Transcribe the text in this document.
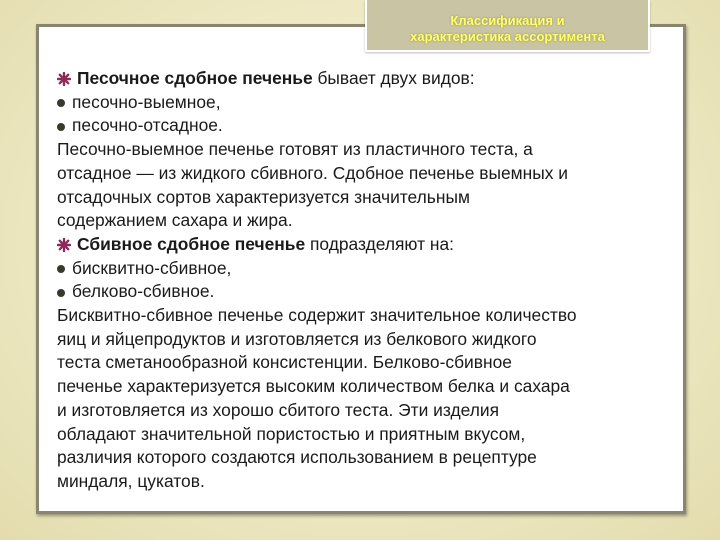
Классификация и
характеристика ассортимента
Песочное сдобное печенье бывает двух видов:
песочно-выемное,
песочно-отсадное.
Песочно-выемное печенье готовят из пластичного теста, а
отсадное — из жидкого сбивного. Сдобное печенье выемных и
отсадочных сортов характеризуется значительным
содержанием сахара и жира.
Сбивное сдобное печенье подразделяют на:
бисквитно-сбивное,
белково-сбивное.
Бисквитно-сбивное печенье содержит значительное количество
яиц и яйцепродуктов и изготовляется из белкового жидкого
теста сметанообразной консистенции. Белково-сбивное
печенье характеризуется высоким количеством белка и сахара
и изготовляется из хорошо сбитого теста. Эти изделия
обладают значительной пористостью и приятным вкусом,
различия которого создаются использованием в рецептуре
миндаля, цукатов.
